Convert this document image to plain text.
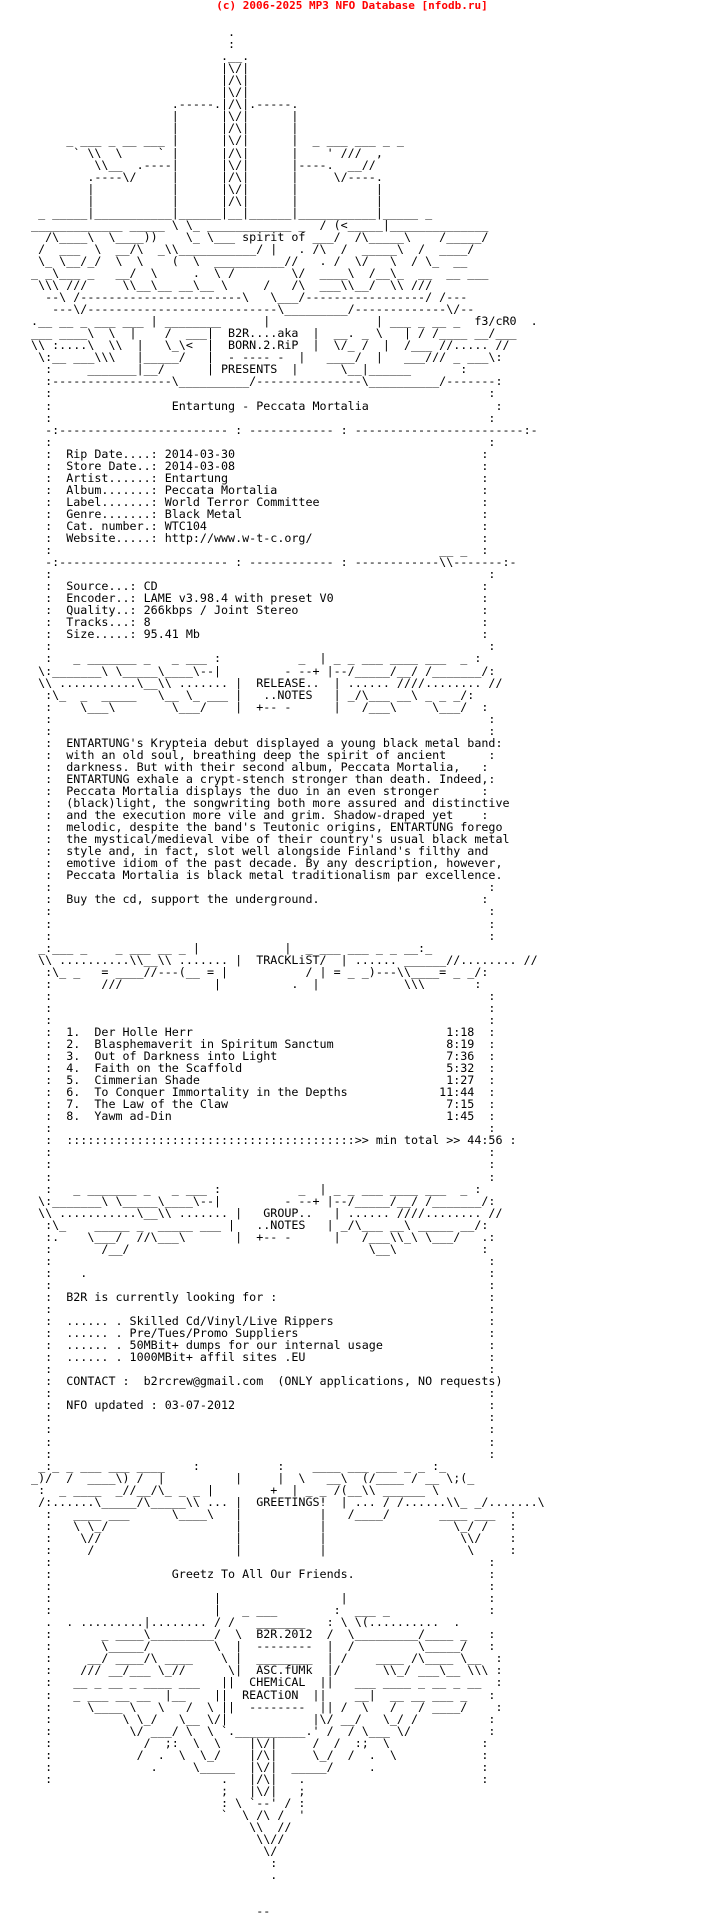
(c) 2006-2025 MP3 NFO Database [nfodb.ru]
.
:
.__.
|\/|
|/\|
|\/|
.-----.|/\|.-----.
|      |\/|      |
|      |/\|      |
_ ___ _ __ ___ |      |\/|      |  _ ___ ___ _ _
` \\  \     ` |      |/\|      |    ' ///  ,
\\__  .----|      |\/|      |----.  __//
.----\/     |      |/\|      |     \/----.
|           |      |\/|      |           |
|           |      |/\|      |           |
_ _____|___________|______|__|______|___________|_____ _
_____________ _____ \ \_ ____________ _  / (<_____|______________
/\____\  \____))    \_ \___ spirit of ___/  /\_____\    /_____/
/  ___  \  __/\  _\\___________/ |   . /\  /  _____\  /  ____/
\_ \__/_/  \  \    (  \  __________//   . /  \/   \  / \_  __
_ _\___ _   __/  \     .  \ /        \/  ____\  /__\_  __  __ ___
\\\ ///     \\__\__ __\__ \     /   /\  ___\\__/  \\ ///
--\ /-----------------------\   \___/-----------------/ /---
---\/---------------------------\_________/-------------\/--
.__ __ _ ___ ___ | ________      |               | ___ _ __ _  f3/cR0  .
___ ____\  \  |    /  ___|  B2R....aka  |  __. _ \   | / /____ __/___
\\ :....\  \\  |   \_\<  |  BORN.2.RiP  |  \/_ /  |  /___ //..... //
\:__ ___\\\   |_____/   |  - ---- -  |   ____/  |   ___/// _ ___\:
:     _______|__/      | PRESENTS  |      \__|______       :
:-----------------\__________/---------------\__________/-------:
:                                                              :
:                 Entartung - Peccata Mortalia                  :
:                                                              :
-:------------------------ : ------------ : ------------------------:-
:                                                              :
:  Rip Date....: 2014-03-30                                   :
:  Store Date..: 2014-03-08                                   :
:  Artist......: Entartung                                    :
:  Album.......: Peccata Mortalia                             :
:  Label.......: World Terror Committee                       :
:  Genre.......: Black Metal                                  :
:  Cat. number.: WTC104                                       :
:  Website.....: http://www.w-t-c.org/                        :
:                                                       __ _  :
-:------------------------ : ------------ : ------------\\-------:-
:                                                              :
:  Source...: CD                                              :
:  Encoder..: LAME v3.98.4 with preset V0                     :
:  Quality..: 266kbps / Joint Stereo                          :
:  Tracks...: 8                                               :
:  Size.....: 95.41 Mb                                        :
:                                                              :
:   _ _______ _   _ ___ :           _  | _ _ ___ ____ ___  _ :
\:_______\ \_____\____\--|         - --+ |--/_____/__/ /_______/:
\\ ...........\__\\ ....... |  RELEASE..  | ...... ////........ //
:\_  _  _____   \__ \_ ___ |   ..NOTES   | _/\___ __\ _ _ _/:
:    \___\        \___/    |  +-- -      |   /___\     \___/  :
:                                                              :
:                                                              :
:  ENTARTUNG's Krypteia debut displayed a young black metal band:
:  with an old soul, breathing deep the spirit of ancient      :
:  darkness. But with their second album, Peccata Mortalia,   :
:  ENTARTUNG exhale a crypt-stench stronger than death. Indeed,:
:  Peccata Mortalia displays the duo in an even stronger      :
:  (black)light, the songwriting both more assured and distinctive
:  and the execution more vile and grim. Shadow-draped yet    :
:  melodic, despite the band's Teutonic origins, ENTARTUNG forego
:  the mystical/medieval vibe of their country's usual black metal
:  style and, in fact, slot well alongside Finland's filthy and
:  emotive idiom of the past decade. By any description, however,
:  Peccata Mortalia is black metal traditionalism par excellence.
:                                                              :
:  Buy the cd, support the underground.                       :
:                                                              :
:                                                              :
:                                                              :
_:___ _    _ ___ __ _ |            |  _ ___ ___ _ _ __:_
\\ ..........\\__\\ ....... |  TRACKLiST/  | ...... ______//........ //
:\_ _   = ____//---(__ = |           / | = _ _)---\\____= _ _/:
:       ///             |          .  |            \\\       :
:                                                              :
:                                                              :
:                                                              :
:  1.  Der Holle Herr                                    1:18  :
:  2.  Blasphemaverit in Spiritum Sanctum                8:19  :
:  3.  Out of Darkness into Light                        7:36  :
:  4.  Faith on the Scaffold                             5:32  :
:  5.  Cimmerian Shade                                   1:27  :
:  6.  To Conquer Immortality in the Depths             11:44  :
:  7.  The Law of the Claw                               7:15  :
:  8.  Yawm ad-Din                                       1:45  :
:                                                              :
:  :::::::::::::::::::::::::::::::::::::::::>> min total >> 44:56 :
:                                                              :
:                                                              :
:                                                              :
:   _ _______ _   _ ___ :           _  | _ _ ___ ____ ___  _ :
\:_______\ \_____\____\--|         - --+ |--/_____/__/ /_______/:
\\ ...........\__\\ ....... |   GROUP..   | ...... ////........ //
:\_    _____ _  _____ ___ |   ..NOTES   | _/\___ __\ _____ __/:
:.    \___/  //\___\       |  +-- -      |   /___\\_\ \___/   .:
:       /__/                                  \__\            :
:                                                              :
:    .                                                         :
:                                                              :
:  B2R is currently looking for :                              :
:                                                              :
:  ...... . Skilled Cd/Vinyl/Live Rippers                      :
:  ...... . Pre/Tues/Promo Suppliers                           :
:  ...... . 50MBit+ dumps for our internal usage               :
:  ...... . 1000MBit+ affil sites .EU                          :
:                                                              :
:  CONTACT :  b2rcrew@gmail.com  (ONLY applications, NO requests)
:                                                              :
:  NFO updated : 03-07-2012                                    :
:                                                              :
:                                                              :
:                                                              :
:                                                              :
_:_ _ ___ ___ ____    :           :    ____ ___ ___ _ _ :_
_)/  /  ____\) /  |          |     |  \   __\  (/____ / __ \;(_
:  _ ____  _//__/\_ _ _ |        +  | _ _ /(__\\ ______ \
/:......\_____/\_____\\ ... |  GREETINGS!  | ... / /......\\_ _/.......\
:   ____ ___      \____\   |           |   /____/       ____ ___  :
:   \ \_/                  |           |                  \_/ /   :
:    \//                   |           |                   \\/    :
:     /                    |           |                    \     :
:                                                              :
:                 Greetz To All Our Friends.                   :
:                                                              :
:                       |                 |                    :
:                       |   _ ___        :  ___ _              :
.  . .........|........ / /   _______   : \ \(..........  .
:       _ ____\_________/  \  B2R.2012  /  \_________/____ _   :
:       \_____/         \  |  --------  |  /         \_____/   :
:     __/ ____/\ ____    \ |  ________  | /    ____ /\____ \__  :
:    /// __/___ \_//      \|  ASC.fUMk  |/      \\_/ ___\__ \\\ :
:   __ _ __ _ ____ ___   ||  CHEMiCAL  ||   ___ ____ _ __ _ __  :
:   _ ___ __ __  |__    ||  REACTiON  ||    __|  __ __ ___ _   :
:     \____ \   \   /  \ ||  --------  || /  \   /   / ____/    :
:          \ \_/   \__ \/|            |\/ __/   \_/ /          :
:           \/ ___/ \  \ `.__________.' /  / \___ \/           :
:             /  ;:  \  \    |\/|     /  /  :;  \             :
:            /  .  \  \_/    |/\|     \_/  /  .  \            :
:              .     \_____  |\/|  _____/     .               :
:                        .   |/\|   .                         :
;   |\/|   ;
: \ `--' / :
`  \ /\ /  '
\\  //
\\//
\/
:
.
--
